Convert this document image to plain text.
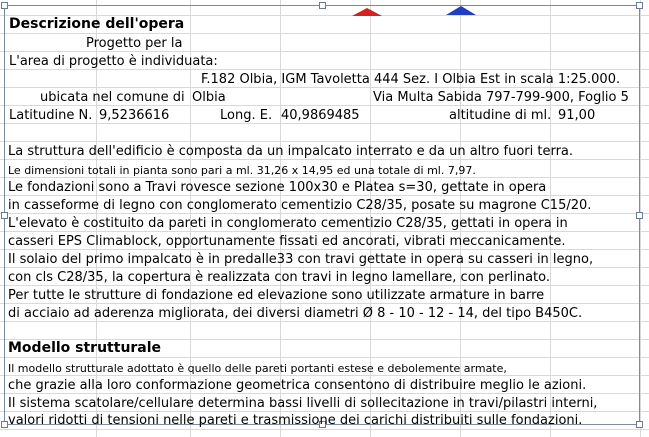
Descrizione dell'opera
Progetto per la
L'area di progetto è individuata:
F.182 Olbia, IGM Tavoletta 444 Sez. I Olbia Est in scala 1:25.000.
ubicata nel comune di Olbia	Via Multa Sabida 797-799-900, Foglio 5
Latitudine N. 9,5236616	Long. E. 40,9869485	altitudine di ml. 91,00
La struttura dell'edificio è composta da un impalcato interrato e da un altro fuori terra.
Le dimensioni totali in pianta sono pari a ml. 31,26 x 14,95 ed una totale di ml. 7,97.
Le fondazioni sono a Travi rovesce sezione 100x30 e Platea s=30, gettate in opera
in casseforme di legno con conglomerato cementizio C28/35, posate su magrone C15/20.
L'elevato è costituito da pareti in conglomerato cementizio C28/35, gettati in opera in
casseri EPS Climablock, opportunamente fissati ed ancorati, vibrati meccanicamente.
Il solaio del primo impalcato è in predalle33 con travi gettate in opera su casseri in legno,
con cls C28/35, la copertura è realizzata con travi in legno lamellare, con perlinato.
Per tutte le strutture di fondazione ed elevazione sono utilizzate armature in barre
di acciaio ad aderenza migliorata, dei diversi diametri Ø 8 - 10 - 12 - 14, del tipo B450C.
Modello strutturale
Il modello strutturale adottato è quello delle pareti portanti estese e debolemente armate,
che grazie alla loro conformazione geometrica consentono di distribuire meglio le azioni.
Il sistema scatolare/cellulare determina bassi livelli di sollecitazione in travi/pilastri interni,
valori ridotti di tensioni nelle pareti e trasmissione dei carichi distribuiti sulle fondazioni.
